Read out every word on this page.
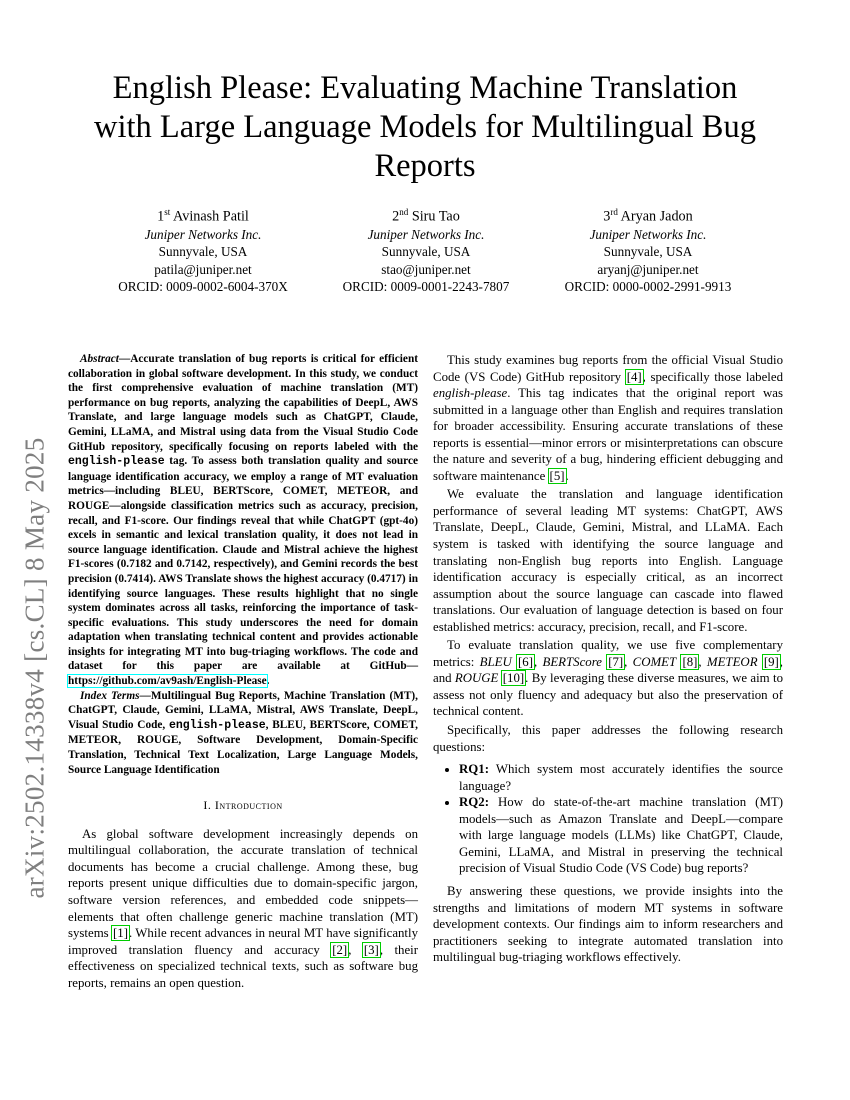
arXiv:2502.14338v4 [cs.CL] 8 May 2025
English Please: Evaluating Machine Translation
with Large Language Models for Multilingual Bug
Reports
1st Avinash Patil
Juniper Networks Inc.
Sunnyvale, USA
patila@juniper.net
ORCID: 0009-0002-6004-370X
2nd Siru Tao
Juniper Networks Inc.
Sunnyvale, USA
stao@juniper.net
ORCID: 0009-0001-2243-7807
3rd Aryan Jadon
Juniper Networks Inc.
Sunnyvale, USA
aryanj@juniper.net
ORCID: 0000-0002-2991-9913

Abstract—Accurate translation of bug reports is critical for efficient collaboration in global software development. In this study, we conduct the first comprehensive evaluation of machine translation (MT) performance on bug reports, analyzing the capabilities of DeepL, AWS Translate, and large language models such as ChatGPT, Claude, Gemini, LLaMA, and Mistral using data from the Visual Studio Code GitHub repository, specifically focusing on reports labeled with the english-please tag. To assess both translation quality and source language identification accuracy, we employ a range of MT evaluation metrics—including BLEU, BERTScore, COMET, METEOR, and ROUGE—alongside classification metrics such as accuracy, precision, recall, and F1-score. Our findings reveal that while ChatGPT (gpt-4o) excels in semantic and lexical translation quality, it does not lead in source language identification. Claude and Mistral achieve the highest F1-scores (0.7182 and 0.7142, respectively), and Gemini records the best precision (0.7414). AWS Translate shows the highest accuracy (0.4717) in identifying source languages. These results highlight that no single system dominates across all tasks, reinforcing the importance of task-specific evaluations. This study underscores the need for domain adaptation when translating technical content and provides actionable insights for integrating MT into bug-triaging workflows. The code and dataset for this paper are available at GitHub—https://github.com/av9ash/English-Please.

Index Terms—Multilingual Bug Reports, Machine Translation (MT), ChatGPT, Claude, Gemini, LLaMA, Mistral, AWS Translate, DeepL, Visual Studio Code, english-please, BLEU, BERTScore, COMET, METEOR, ROUGE, Software Development, Domain-Specific Translation, Technical Text Localization, Large Language Models, Source Language Identification

I. Introduction

As global software development increasingly depends on multilingual collaboration, the accurate translation of technical documents has become a crucial challenge. Among these, bug reports present unique difficulties due to domain-specific jargon, software version references, and embedded code snippets—elements that often challenge generic machine translation (MT) systems [1]. While recent advances in neural MT have significantly improved translation fluency and accuracy [2], [3], their effectiveness on specialized technical texts, such as software bug reports, remains an open question.

This study examines bug reports from the official Visual Studio Code (VS Code) GitHub repository [4], specifically those labeled english-please. This tag indicates that the original report was submitted in a language other than English and requires translation for broader accessibility. Ensuring accurate translations of these reports is essential—minor errors or misinterpretations can obscure the nature and severity of a bug, hindering efficient debugging and software maintenance [5].

We evaluate the translation and language identification performance of several leading MT systems: ChatGPT, AWS Translate, DeepL, Claude, Gemini, Mistral, and LLaMA. Each system is tasked with identifying the source language and translating non-English bug reports into English. Language identification accuracy is especially critical, as an incorrect assumption about the source language can cascade into flawed translations. Our evaluation of language detection is based on four established metrics: accuracy, precision, recall, and F1-score.

To evaluate translation quality, we use five complementary metrics: BLEU [6], BERTScore [7], COMET [8], METEOR [9], and ROUGE [10]. By leveraging these diverse measures, we aim to assess not only fluency and adequacy but also the preservation of technical content.

Specifically, this paper addresses the following research questions:

• RQ1: Which system most accurately identifies the source language?
• RQ2: How do state-of-the-art machine translation (MT) models—such as Amazon Translate and DeepL—compare with large language models (LLMs) like ChatGPT, Claude, Gemini, LLaMA, and Mistral in preserving the technical precision of Visual Studio Code (VS Code) bug reports?

By answering these questions, we provide insights into the strengths and limitations of modern MT systems in software development contexts. Our findings aim to inform researchers and practitioners seeking to integrate automated translation into multilingual bug-triaging workflows effectively.
